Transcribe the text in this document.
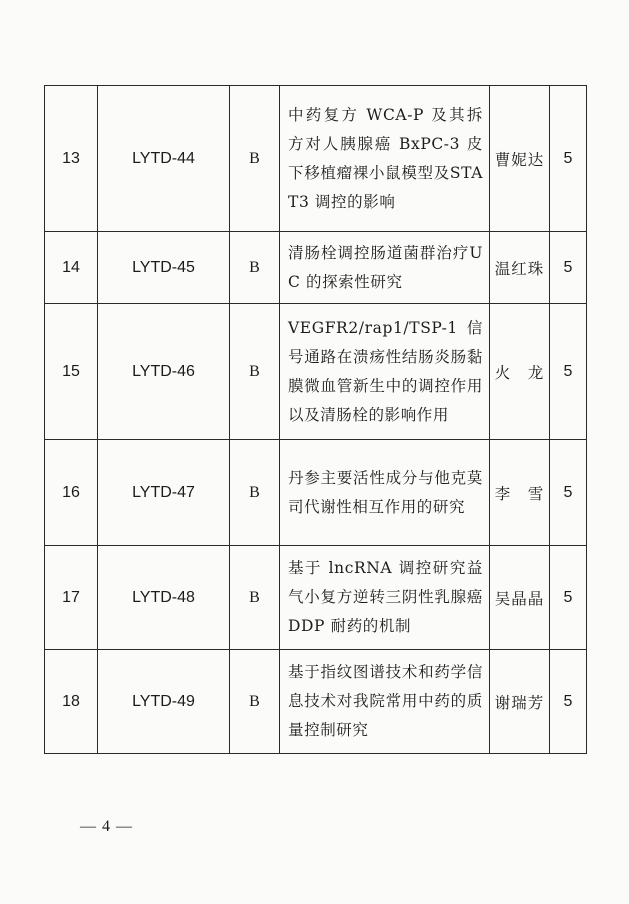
13	LYTD-44	B	中药复方 WCA-P 及其拆方对人胰腺癌 BxPC-3 皮下移植瘤裸小鼠模型及STAT3 调控的影响	曹妮达	5
14	LYTD-45	B	清肠栓调控肠道菌群治疗UC 的探索性研究	温红珠	5
15	LYTD-46	B	VEGFR2/rap1/TSP-1 信号通路在溃疡性结肠炎肠黏膜微血管新生中的调控作用以及清肠栓的影响作用	火　龙	5
16	LYTD-47	B	丹参主要活性成分与他克莫司代谢性相互作用的研究	李　雪	5
17	LYTD-48	B	基于 lncRNA 调控研究益气小复方逆转三阴性乳腺癌 DDP 耐药的机制	吴晶晶	5
18	LYTD-49	B	基于指纹图谱技术和药学信息技术对我院常用中药的质量控制研究	谢瑞芳	5
— 4 —
